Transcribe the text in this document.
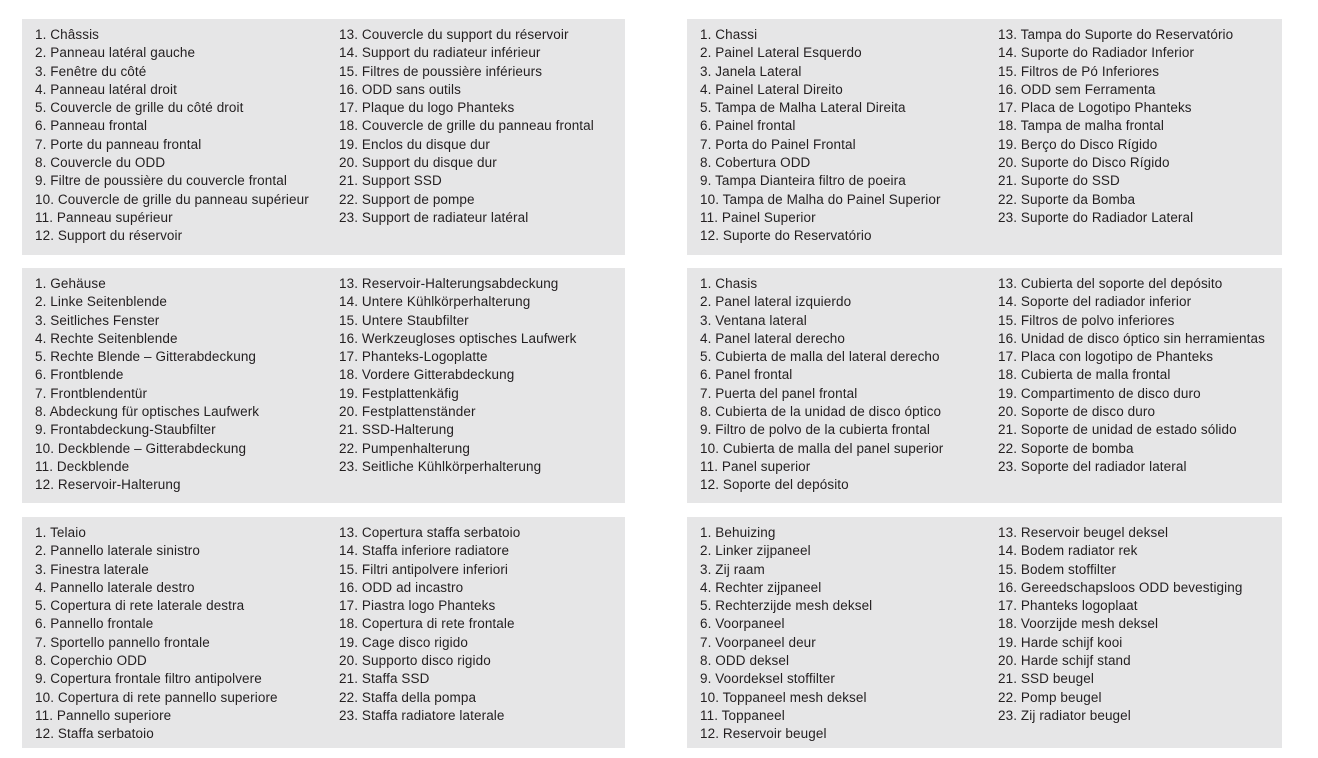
1. Châssis
2. Panneau latéral gauche
3. Fenêtre du côté
4. Panneau latéral droit
5. Couvercle de grille du côté droit
6. Panneau frontal
7. Porte du panneau frontal
8. Couvercle du ODD
9. Filtre de poussière du couvercle frontal
10. Couvercle de grille du panneau supérieur
11. Panneau supérieur
12. Support du réservoir
13. Couvercle du support du réservoir
14. Support du radiateur inférieur
15. Filtres de poussière inférieurs
16. ODD sans outils
17. Plaque du logo Phanteks
18. Couvercle de grille du panneau frontal
19. Enclos du disque dur
20. Support du disque dur
21. Support SSD
22. Support de pompe
23. Support de radiateur latéral
1. Chassi
2. Painel Lateral Esquerdo
3. Janela Lateral
4. Painel Lateral Direito
5. Tampa de Malha Lateral Direita
6. Painel frontal
7. Porta do Painel Frontal
8. Cobertura ODD
9. Tampa Dianteira filtro de poeira
10. Tampa de Malha do Painel Superior
11. Painel Superior
12. Suporte do Reservatório
13. Tampa do Suporte do Reservatório
14. Suporte do Radiador Inferior
15. Filtros de Pó Inferiores
16. ODD sem Ferramenta
17. Placa de Logotipo Phanteks
18. Tampa de malha frontal
19. Berço do Disco Rígido
20. Suporte do Disco Rígido
21. Suporte do SSD
22. Suporte da Bomba
23. Suporte do Radiador Lateral
1. Gehäuse
2. Linke Seitenblende
3. Seitliches Fenster
4. Rechte Seitenblende
5. Rechte Blende – Gitterabdeckung
6. Frontblende
7. Frontblendentür
8. Abdeckung für optisches Laufwerk
9. Frontabdeckung-Staubfilter
10. Deckblende – Gitterabdeckung
11. Deckblende
12. Reservoir-Halterung
13. Reservoir-Halterungsabdeckung
14. Untere Kühlkörperhalterung
15. Untere Staubfilter
16. Werkzeugloses optisches Laufwerk
17. Phanteks-Logoplatte
18. Vordere Gitterabdeckung
19. Festplattenkäfig
20. Festplattenständer
21. SSD-Halterung
22. Pumpenhalterung
23. Seitliche Kühlkörperhalterung
1. Chasis
2. Panel lateral izquierdo
3. Ventana lateral
4. Panel lateral derecho
5. Cubierta de malla del lateral derecho
6. Panel frontal
7. Puerta del panel frontal
8. Cubierta de la unidad de disco óptico
9. Filtro de polvo de la cubierta frontal
10. Cubierta de malla del panel superior
11. Panel superior
12. Soporte del depósito
13. Cubierta del soporte del depósito
14. Soporte del radiador inferior
15. Filtros de polvo inferiores
16. Unidad de disco óptico sin herramientas
17. Placa con logotipo de Phanteks
18. Cubierta de malla frontal
19. Compartimento de disco duro
20. Soporte de disco duro
21. Soporte de unidad de estado sólido
22. Soporte de bomba
23. Soporte del radiador lateral
1. Telaio
2. Pannello laterale sinistro
3. Finestra laterale
4. Pannello laterale destro
5. Copertura di rete laterale destra
6. Pannello frontale
7. Sportello pannello frontale
8. Coperchio ODD
9. Copertura frontale filtro antipolvere
10. Copertura di rete pannello superiore
11. Pannello superiore
12. Staffa serbatoio
13. Copertura staffa serbatoio
14. Staffa inferiore radiatore
15. Filtri antipolvere inferiori
16. ODD ad incastro
17. Piastra logo Phanteks
18. Copertura di rete frontale
19. Cage disco rigido
20. Supporto disco rigido
21. Staffa SSD
22. Staffa della pompa
23. Staffa radiatore laterale
1. Behuizing
2. Linker zijpaneel
3. Zij raam
4. Rechter zijpaneel
5. Rechterzijde mesh deksel
6. Voorpaneel
7. Voorpaneel deur
8. ODD deksel
9. Voordeksel stoffilter
10. Toppaneel mesh deksel
11. Toppaneel
12. Reservoir beugel
13. Reservoir beugel deksel
14. Bodem radiator rek
15. Bodem stoffilter
16. Gereedschapsloos ODD bevestiging
17. Phanteks logoplaat
18. Voorzijde mesh deksel
19. Harde schijf kooi
20. Harde schijf stand
21. SSD beugel
22. Pomp beugel
23. Zij radiator beugel
